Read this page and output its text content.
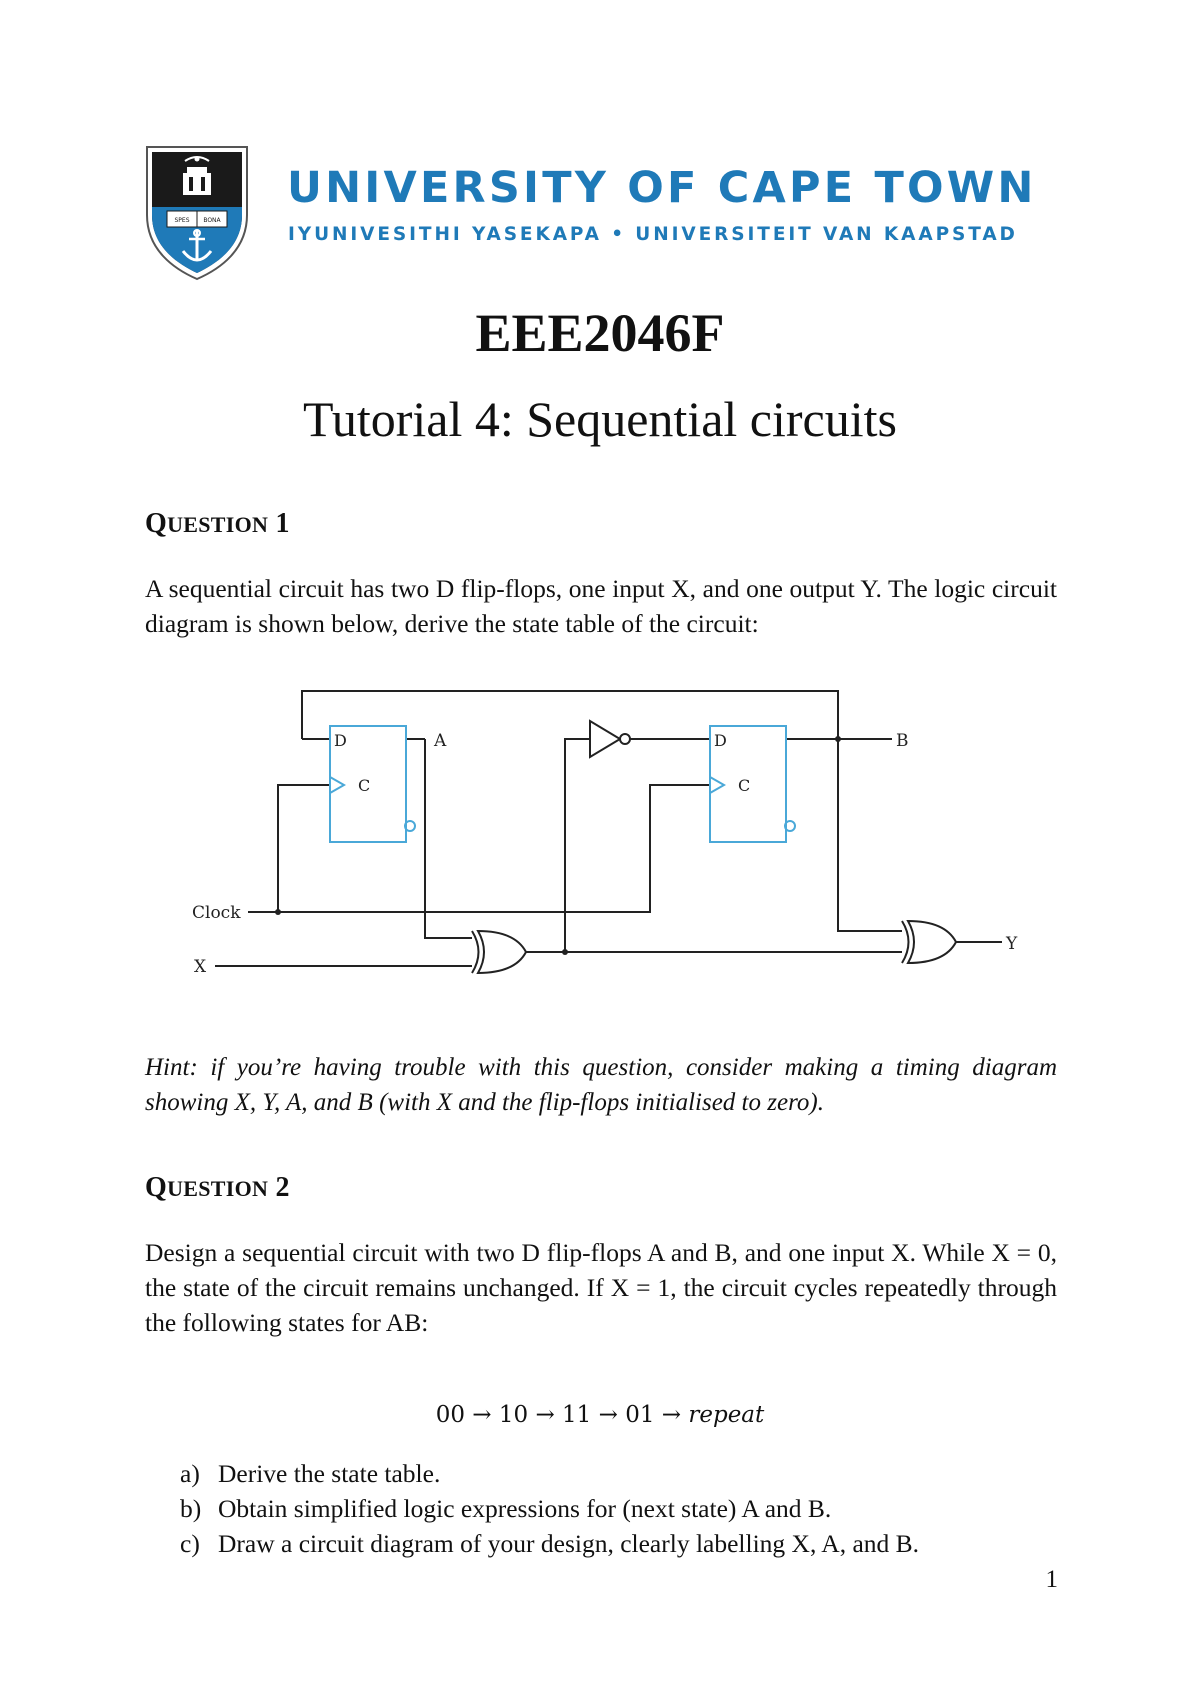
SPES BONA
UNIVERSITY OF CAPE TOWN
IYUNIVESITHI YASEKAPA • UNIVERSITEIT VAN KAAPSTAD
EEE2046F
Tutorial 4: Sequential circuits
QUESTION 1
A sequential circuit has two D flip-flops, one input X, and one output Y. The logic circuit diagram is shown below, derive the state table of the circuit:
D
C
D
C
A	B
Y
Clock
X
Hint: if you’re having trouble with this question, consider making a timing diagram showing X, Y, A, and B (with X and the flip-flops initialised to zero).
QUESTION 2
Design a sequential circuit with two D flip-flops A and B, and one input X. While X = 0, the state of the circuit remains unchanged. If X = 1, the circuit cycles repeatedly through the following states for AB:
00 → 10 → 11 → 01 → repeat
a) Derive the state table.
b) Obtain simplified logic expressions for (next state) A and B.
c) Draw a circuit diagram of your design, clearly labelling X, A, and B.
1
